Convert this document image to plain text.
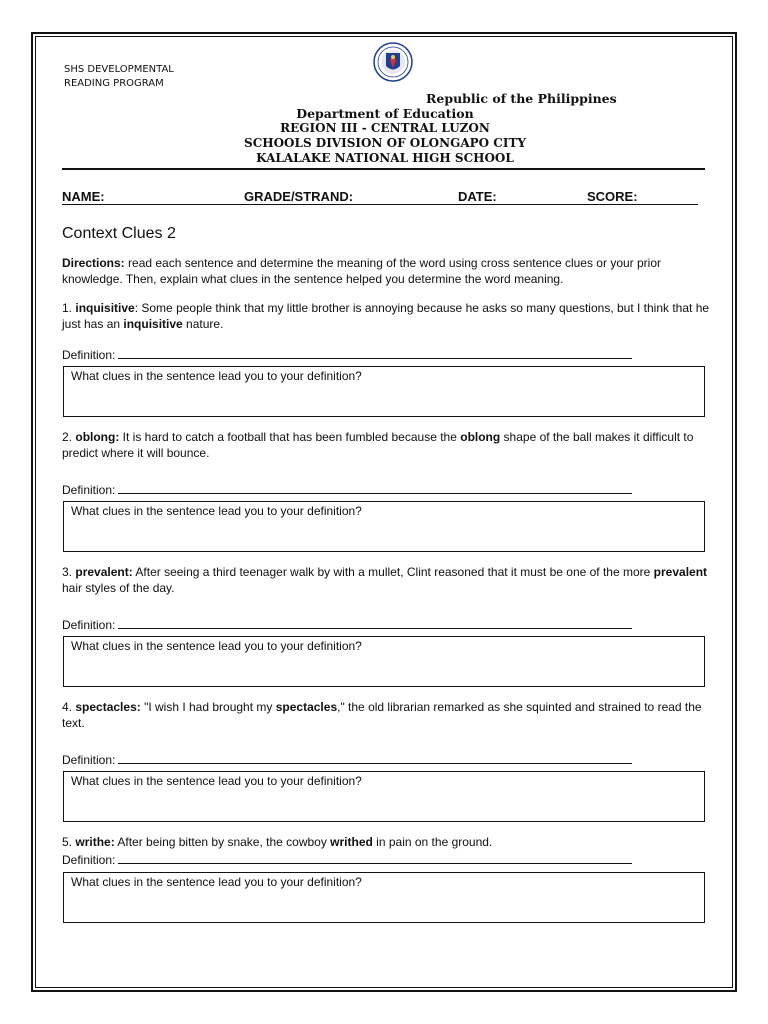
SHS DEVELOPMENTAL
READING PROGRAM
Republic of the Philippines
Department of Education
REGION III - CENTRAL LUZON
SCHOOLS DIVISION OF OLONGAPO CITY
KALALAKE NATIONAL HIGH SCHOOL
NAME:	GRADE/STRAND:	DATE:	SCORE:
Context Clues 2
Directions: read each sentence and determine the meaning of the word using cross sentence clues or your prior knowledge. Then, explain what clues in the sentence helped you determine the word meaning.
1. inquisitive: Some people think that my little brother is annoying because he asks so many questions, but I think that he just has an inquisitive nature.
Definition:
What clues in the sentence lead you to your definition?
2. oblong: It is hard to catch a football that has been fumbled because the oblong shape of the ball makes it difficult to predict where it will bounce.
Definition:
What clues in the sentence lead you to your definition?
3. prevalent: After seeing a third teenager walk by with a mullet, Clint reasoned that it must be one of the more prevalent hair styles of the day.
Definition:
What clues in the sentence lead you to your definition?
4. spectacles: "I wish I had brought my spectacles," the old librarian remarked as she squinted and strained to read the text.
Definition:
What clues in the sentence lead you to your definition?
5. writhe: After being bitten by snake, the cowboy writhed in pain on the ground.
Definition:
What clues in the sentence lead you to your definition?
